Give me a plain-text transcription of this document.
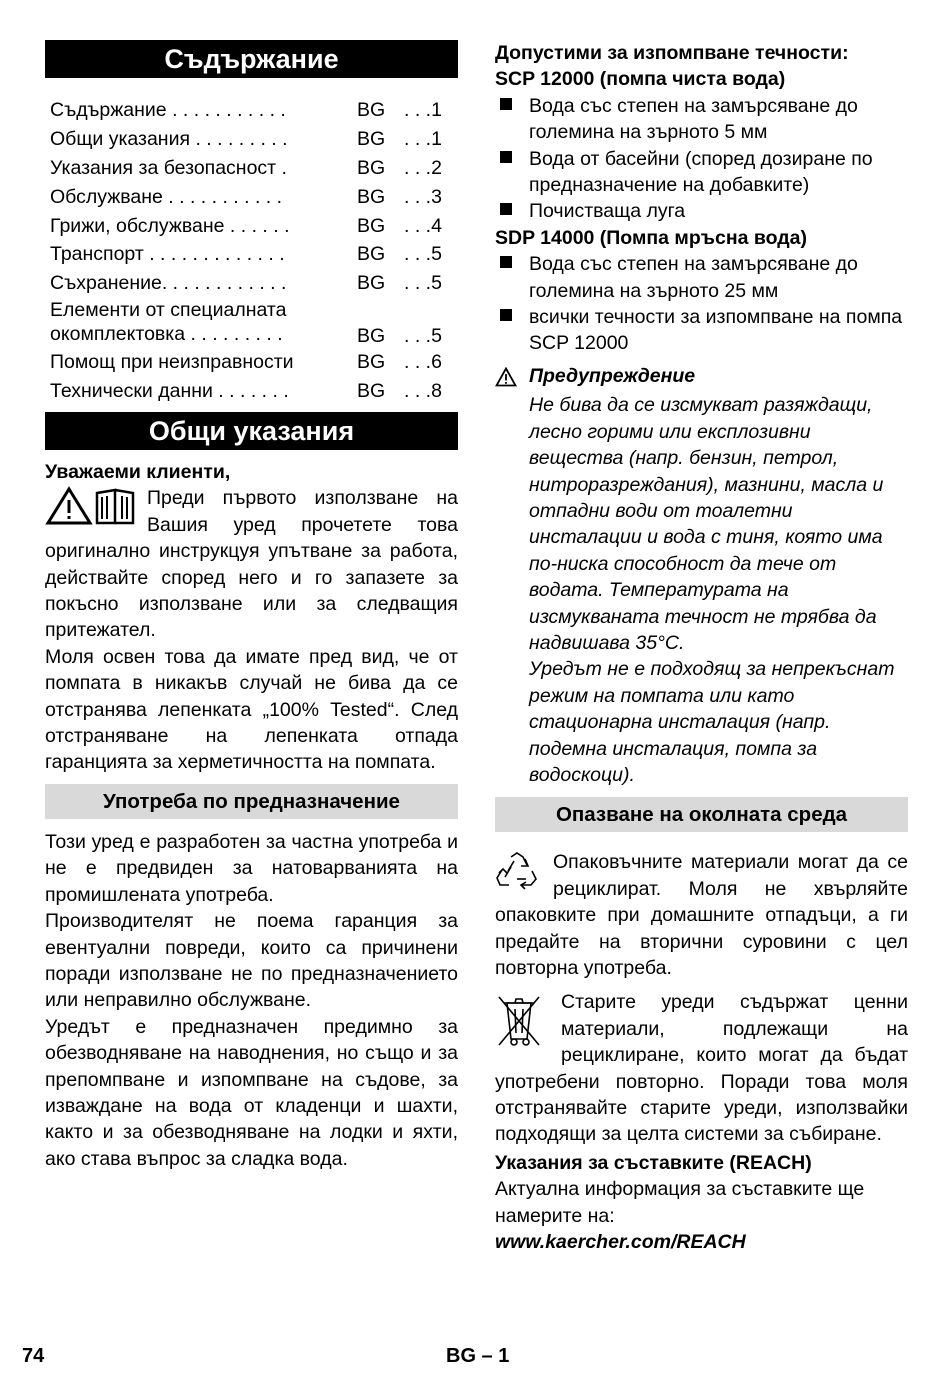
Съдържание
Съдържание . . . . . . . . . . .	BG . . .1
Общи указания . . . . . . . . .	BG . . .1
Указания за безопасност .	BG . . .2
Обслужване . . . . . . . . . . .	BG . . .3
Грижи, обслужване . . . . . .	BG . . .4
Транспорт . . . . . . . . . . . . .	BG . . .5
Съхранение. . . . . . . . . . . .	BG . . .5
Елементи от специалната окомплектовка . . . . . . . . .	BG . . .5
Помощ при неизправности	BG . . .6
Технически данни . . . . . . .	BG . . .8
Общи указания

Уважаеми клиенти,

Преди първото използване на Вашия уред прочетете това оригинално инструкцуя упътване за работа, действайте според него и го запазете за покъсно използване или за следващия притежател.

Моля освен това да имате пред вид, че от помпата в никакъв случай не бива да се отстранява лепенката „100% Tested“. След отстраняване на лепенката отпада гаранцията за херметичността на помпата.

Употреба по предназначение

Този уред е разработен за частна употреба и не е предвиден за натоварванията на промишлената употреба.

Производителят не поема гаранция за евентуални повреди, които са причинени поради използване не по предназначението или неправилно обслужване.

Уредът е предназначен предимно за обезводняване на наводнения, но също и за препомпване и изпомпване на съдове, за изваждане на вода от кладенци и шахти, както и за обезводняване на лодки и яхти, ако става въпрос за сладка вода.

Допустими за изпомпване течности:

SCP 12000 (помпа чиста вода)

Вода със степен на замърсяване до големина на зърното 5 мм
Вода от басейни (според дозиране по предназначение на добавките)
Почистваща луга

SDP 14000 (Помпа мръсна вода)

Вода със степен на замърсяване до големина на зърното 25 мм
всички течности за изпомпване на помпа SCP 12000
Предупреждение

Не бива да се изсмукват разяждащи, лесно горими или експлозивни вещества (напр. бензин, петрол, нитроразреждания), мазнини, масла и отпадни води от тоалетни инсталации и вода с тиня, която има по-ниска способност да тече от водата. Температурата на изсмукваната течност не трябва да надвишава 35°C.

Уредът не е подходящ за непрекъснат режим на помпата или като стационарна инсталация (напр. подемна инсталация, помпа за водоскоци).

Опазване на околната среда

Опаковъчните материали могат да се рециклират. Моля не хвърляйте опаковките при домашните отпадъци, а ги предайте на вторични суровини с цел повторна употреба.

Старите уреди съдържат ценни материали, подлежащи на рециклиране, които могат да бъдат употребени повторно. Поради това моля отстранявайте старите уреди, използвайки подходящи за целта системи за събиране.

Указания за съставките (REACH)

Актуална информация за съставките ще намерите на:

www.kaercher.com/REACH

74	BG – 1
